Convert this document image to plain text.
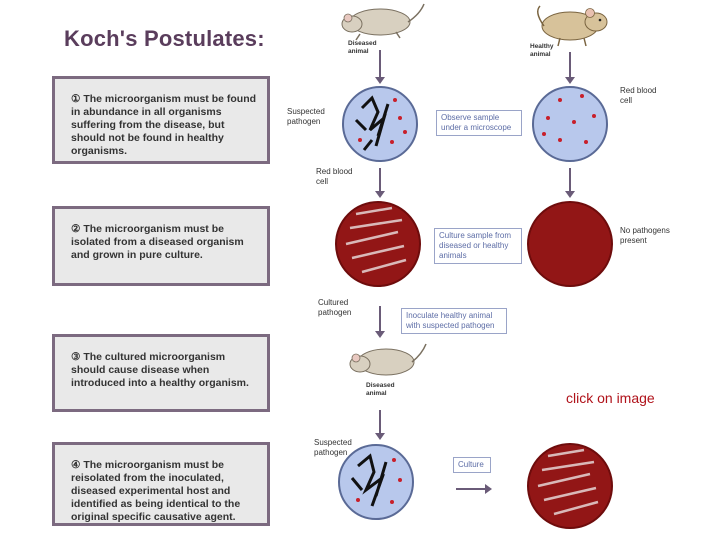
Koch's Postulates:
① The microorganism must be found in abundance in all organisms suffering from the disease, but should not be found in healthy organisms.
② The microorganism must be isolated from a diseased organism and grown in pure culture.
③ The cultured microorganism should cause disease when introduced into a healthy organism.
④ The microorganism must be reisolated from the inoculated, diseased experimental host and identified as being identical to the original specific causative agent.
Diseased animal
Healthy animal
Suspected pathogen
Red blood cell
Red blood cell
Observe sample under a microscope
Culture sample from diseased or healthy animals
No pathogens present
Cultured pathogen	Inoculate healthy animal with suspected pathogen
Diseased animal
Suspected pathogen
Culture
click on image
